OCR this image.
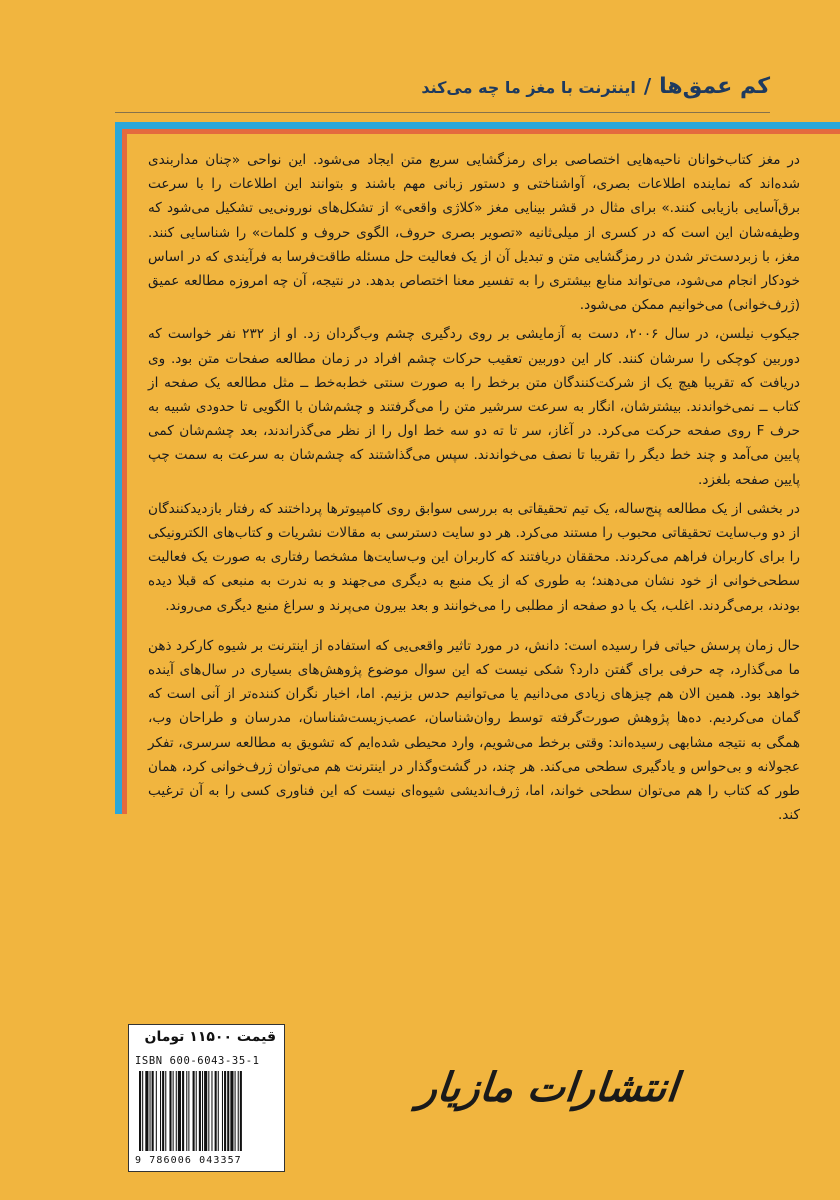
کم عمق‌ها
/
اینترنت با مغز ما چه می‌کند

در مغز کتاب‌خوانان ناحیه‌هایی اختصاصی برای رمزگشایی سریع متن ایجاد می‌شود. این نواحی «چنان مداربندی شده‌اند که نماینده اطلاعات بصری، آواشناختی و دستور زبانی مهم باشند و بتوانند این اطلاعات را با سرعت برق‌آسایی بازیابی کنند.» برای مثال در قشر بینایی مغز «کلاژی واقعی» از تشکل‌های نورونی‌یی تشکیل می‌شود که وظیفه‌شان این است که در کسری از میلی‌ثانیه «تصویر بصری حروف، الگوی حروف و کلمات» را شناسایی کنند. مغز، با زبردست‌تر شدن در رمزگشایی متن و تبدیل آن از یک فعالیت حل مسئله طاقت‌فرسا به فرآیندی که در اساس خودکار انجام می‌شود، می‌تواند منابع بیشتری را به تفسیر معنا اختصاص بدهد. در نتیجه، آن چه امروزه مطالعه عمیق (ژرف‌خوانی) می‌خوانیم ممکن می‌شود.

جیکوب نیلسن، در سال ۲۰۰۶، دست به آزمایشی بر روی ردگیری چشم وب‌گردان زد. او از ۲۳۲ نفر خواست که دوربین کوچکی را سرشان کنند. کار این دوربین تعقیب حرکات چشم افراد در زمان مطالعه صفحات متن بود. وی دریافت که تقریبا هیچ یک از شرکت‌کنندگان متن برخط را به صورت سنتی خط‌به‌خط ــ مثل مطالعه یک صفحه از کتاب ــ نمی‌خواندند. بیشترشان، انگار به سرعت سرشیر متن را می‌گرفتند و چشم‌شان با الگویی تا حدودی شبیه به حرف F روی صفحه حرکت می‌کرد. در آغاز، سر تا ته دو سه خط اول را از نظر می‌گذراندند، بعد چشم‌شان کمی پایین می‌آمد و چند خط دیگر را تقریبا تا نصف می‌خواندند. سپس می‌گذاشتند که چشم‌شان به سرعت به سمت چپ پایین صفحه بلغزد.

در بخشی از یک مطالعه پنج‌ساله، یک تیم تحقیقاتی به بررسی سوابق روی کامپیوترها پرداختند که رفتار بازدیدکنندگان از دو وب‌سایت تحقیقاتی محبوب را مستند می‌کرد. هر دو سایت دسترسی به مقالات نشریات و کتاب‌های الکترونیکی را برای کاربران فراهم می‌کردند. محققان دریافتند که کاربران این وب‌سایت‌ها مشخصا رفتاری به صورت یک فعالیت سطحی‌خوانی از خود نشان می‌دهند؛ به طوری که از یک منبع به دیگری می‌جهند و به ندرت به منبعی که قبلا دیده بودند، برمی‌گردند. اغلب، یک یا دو صفحه از مطلبی را می‌خوانند و بعد بیرون می‌پرند و سراغ منبع دیگری می‌روند.

حال زمان پرسش حیاتی فرا رسیده است: دانش، در مورد تاثیر واقعی‌یی که استفاده از اینترنت بر شیوه کارکرد ذهن ما می‌گذارد، چه حرفی برای گفتن دارد؟ شکی نیست که این سوال موضوع پژوهش‌های بسیاری در سال‌های آینده خواهد بود. همین الان هم چیزهای زیادی می‌دانیم یا می‌توانیم حدس بزنیم. اما، اخبار نگران کننده‌تر از آنی است که گمان می‌کردیم. ده‌ها پژوهش صورت‌گرفته توسط روان‌شناسان، عصب‌زیست‌شناسان، مدرسان و طراحان وب، همگی به نتیجه مشابهی رسیده‌اند: وقتی برخط می‌شویم، وارد محیطی شده‌ایم که تشویق به مطالعه سرسری، تفکر عجولانه و بی‌حواس و یادگیری سطحی می‌کند. هر چند، در گشت‌وگذار در اینترنت هم می‌توان ژرف‌خوانی کرد، همان طور که کتاب را هم می‌توان سطحی خواند، اما، ژرف‌اندیشی شیوه‌ای نیست که این فناوری کسی را به آن ترغیب کند.

قیمت ۱۱۵۰۰ تومان
ISBN 600-6043-35-1
9 786006 043357
انتشارات مازیار
